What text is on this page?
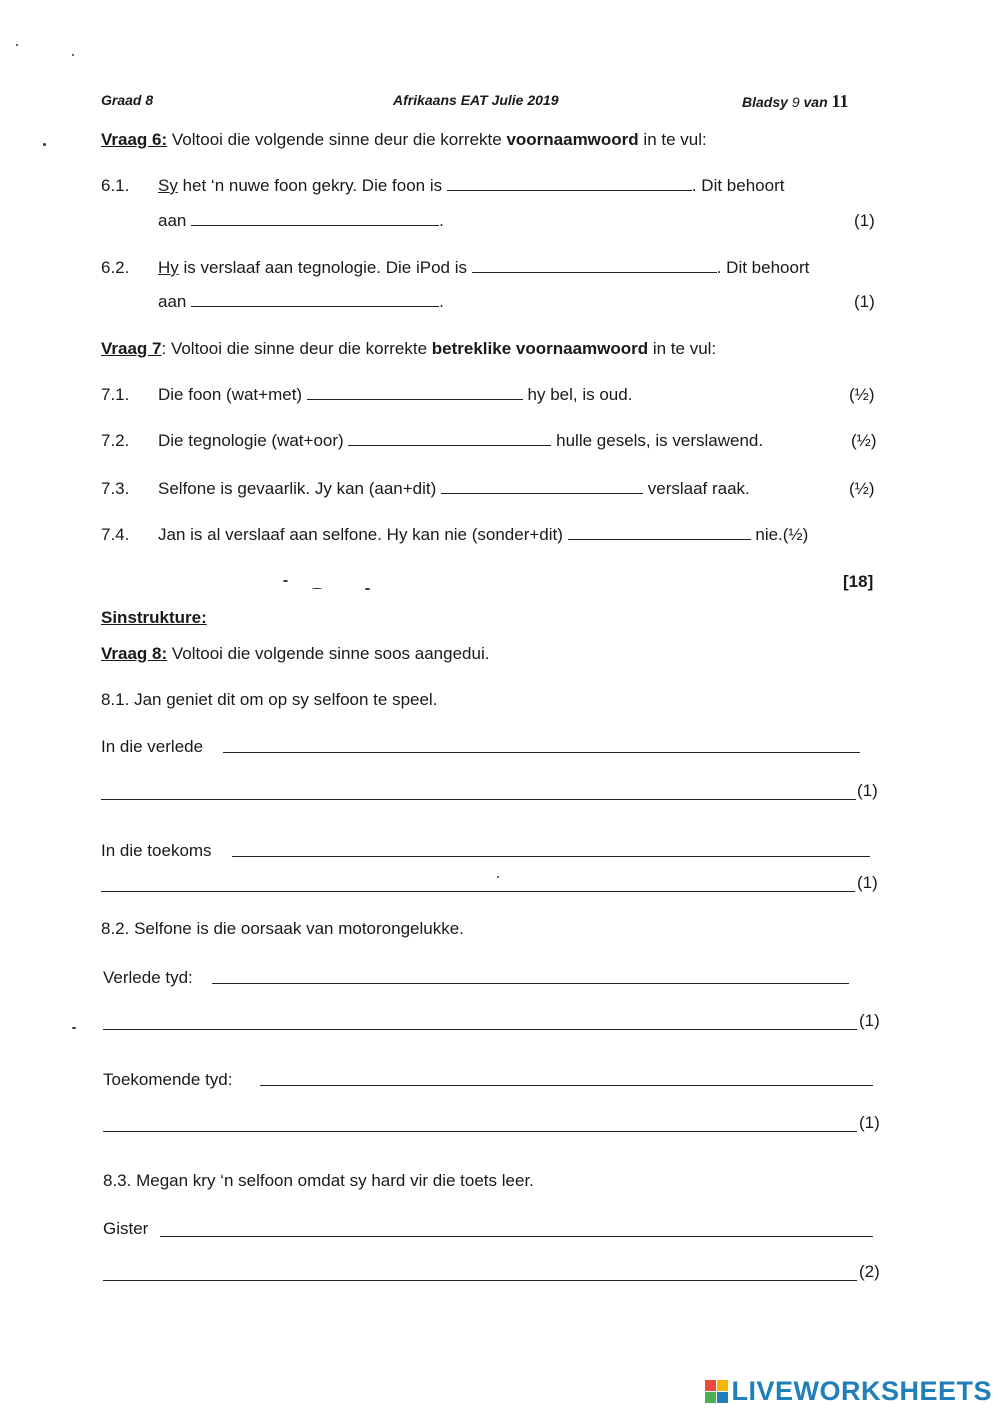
Graad 8	Afrikaans EAT Julie 2019	Bladsy 9 van 11
Vraag 6: Voltooi die volgende sinne deur die korrekte voornaamwoord in te vul:
6.1. Sy het ‘n nuwe foon gekry. Die foon is	. Dit behoort
aan	.	(1)
6.2. Hy is verslaaf aan tegnologie. Die iPod is	. Dit behoort
aan	.	(1)
Vraag 7: Voltooi die sinne deur die korrekte betreklike voornaamwoord in te vul:
7.1. Die foon (wat+met)	hy bel, is oud.	(½)
7.2. Die tegnologie (wat+oor)	hulle gesels, is verslawend.	(½)
7.3. Selfone is gevaarlik. Jy kan (aan+dit)	verslaaf raak.	(½)
7.4. Jan is al verslaaf aan selfone. Hy kan nie (sonder+dit)	nie.(½)
[18]
Sinstrukture:
Vraag 8: Voltooi die volgende sinne soos aangedui.
8.1. Jan geniet dit om op sy selfoon te speel.
In die verlede
(1)
In die toekoms
(1)
8.2. Selfone is die oorsaak van motorongelukke.
Verlede tyd:
(1)
Toekomende tyd:
(1)
8.3. Megan kry ‘n selfoon omdat sy hard vir die toets leer.
Gister
(2)
LIVEWORKSHEETS
